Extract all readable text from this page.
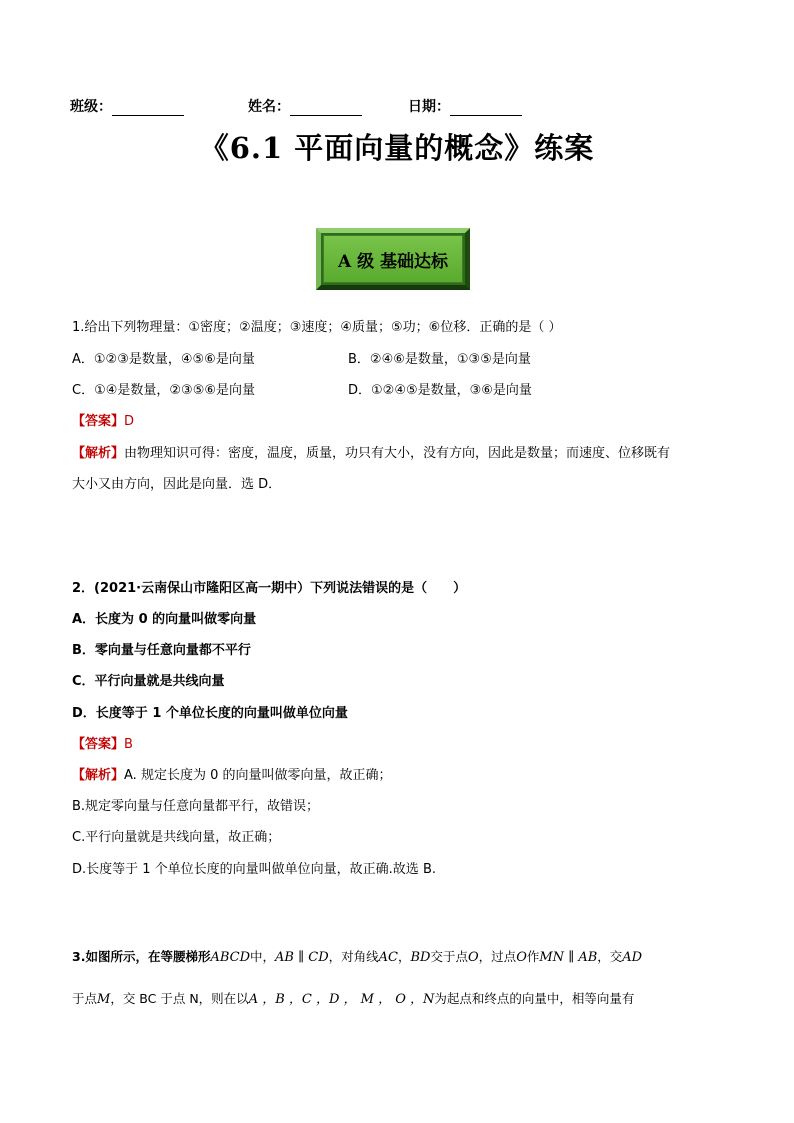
班级：	姓名：	日期：
《6.1 平面向量的概念》练案
A 级 基础达标
1.给出下列物理量：①密度；②温度；③速度；④质量；⑤功；⑥位移．正确的是（ ）
A．①②③是数量，④⑤⑥是向量	B．②④⑥是数量，①③⑤是向量
C．①④是数量，②③⑤⑥是向量	D．①②④⑤是数量，③⑥是向量
【答案】D
【解析】由物理知识可得：密度，温度，质量，功只有大小，没有方向，因此是数量；而速度、位移既有
大小又由方向，因此是向量．选 D．
2．(2021·云南保山市隆阳区高一期中）下列说法错误的是（　　）
A．长度为 0 的向量叫做零向量
B．零向量与任意向量都不平行
C．平行向量就是共线向量
D．长度等于 1 个单位长度的向量叫做单位向量
【答案】B
【解析】A. 规定长度为 0 的向量叫做零向量，故正确；
B.规定零向量与任意向量都平行，故错误；
C.平行向量就是共线向量，故正确；
D.长度等于 1 个单位长度的向量叫做单位向量，故正确.故选 B.
3.如图所示，在等腰梯形ABCD中，AB ∥ CD，对角线AC，BD交于点O，过点O作MN ∥ AB，交AD
于点M，交 BC 于点 N，则在以A ，B ，C ，D ， M ， O ，N为起点和终点的向量中，相等向量有
